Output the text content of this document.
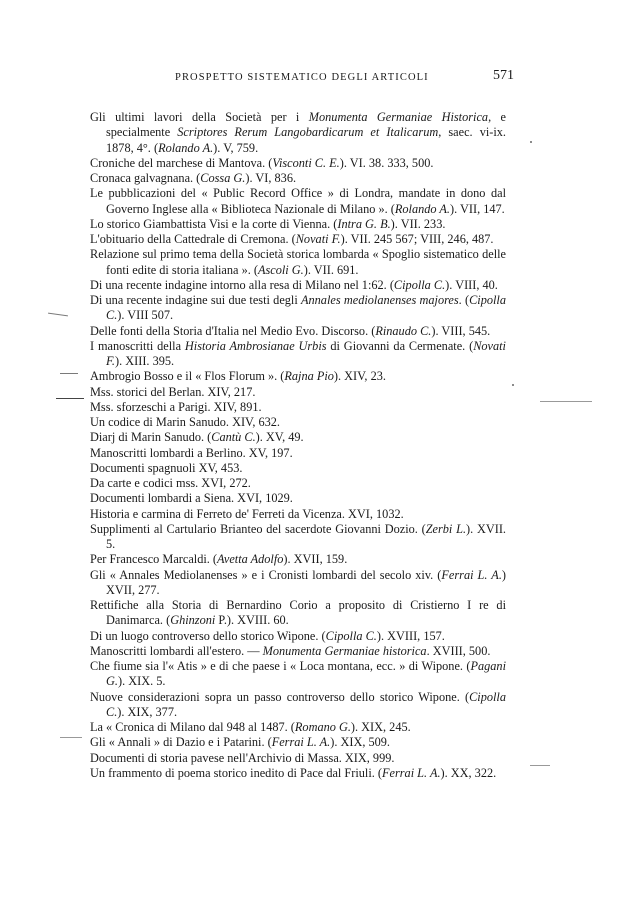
PROSPETTO SISTEMATICO DEGLI ARTICOLI	571
Gli ultimi lavori della Società per i Monumenta Germaniae Historica, e specialmente Scriptores Rerum Langobardicarum et Italicarum, saec. vi-ix. 1878, 4°. (Rolando A.). V, 759.
Croniche del marchese di Mantova. (Visconti C. E.). VI. 38. 333, 500.
Cronaca galvagnana. (Cossa G.). VI, 836.
Le pubblicazioni del « Public Record Office » di Londra, mandate in dono dal Governo Inglese alla « Biblioteca Nazionale di Milano ». (Rolando A.). VII, 147.
Lo storico Giambattista Visi e la corte di Vienna. (Intra G. B.). VII. 233.
L'obituario della Cattedrale di Cremona. (Novati F.). VII. 245 567; VIII, 246, 487.
Relazione sul primo tema della Società storica lombarda « Spoglio sistematico delle fonti edite di storia italiana ». (Ascoli G.). VII. 691.
Di una recente indagine intorno alla resa di Milano nel 1:62. (Cipolla C.). VIII, 40.
Di una recente indagine sui due testi degli Annales mediolanenses majores. (Cipolla C.). VIII 507.
Delle fonti della Storia d'Italia nel Medio Evo. Discorso. (Rinaudo C.). VIII, 545.
I manoscritti della Historia Ambrosianae Urbis di Giovanni da Cermenate. (Novati F.). XIII. 395.
Ambrogio Bosso e il « Flos Florum ». (Rajna Pio). XIV, 23.
Mss. storici del Berlan. XIV, 217.
Mss. sforzeschi a Parigi. XIV, 891.
Un codice di Marin Sanudo. XIV, 632.
Diarj di Marin Sanudo. (Cantù C.). XV, 49.
Manoscritti lombardi a Berlino. XV, 197.
Documenti spagnuoli XV, 453.
Da carte e codici mss. XVI, 272.
Documenti lombardi a Siena. XVI, 1029.
Historia e carmina di Ferreto de' Ferreti da Vicenza. XVI, 1032.
Supplimenti al Cartulario Brianteo del sacerdote Giovanni Dozio. (Zerbi L.). XVII. 5.
Per Francesco Marcaldi. (Avetta Adolfo). XVII, 159.
Gli « Annales Mediolanenses » e i Cronisti lombardi del secolo xiv. (Ferrai L. A.) XVII, 277.
Rettifiche alla Storia di Bernardino Corio a proposito di Cristierno I re di Danimarca. (Ghinzoni P.). XVIII. 60.
Di un luogo controverso dello storico Wipone. (Cipolla C.). XVIII, 157.
Manoscritti lombardi all'estero. — Monumenta Germaniae historica. XVIII, 500.
Che fiume sia l'« Atis » e di che paese i « Loca montana, ecc. » di Wipone. (Pagani G.). XIX. 5.
Nuove considerazioni sopra un passo controverso dello storico Wipone. (Cipolla C.). XIX, 377.
La « Cronica di Milano dal 948 al 1487. (Romano G.). XIX, 245.
Gli « Annali » di Dazio e i Patarini. (Ferrai L. A.). XIX, 509.
Documenti di storia pavese nell'Archivio di Massa. XIX, 999.
Un frammento di poema storico inedito di Pace dal Friuli. (Ferrai L. A.). XX, 322.
